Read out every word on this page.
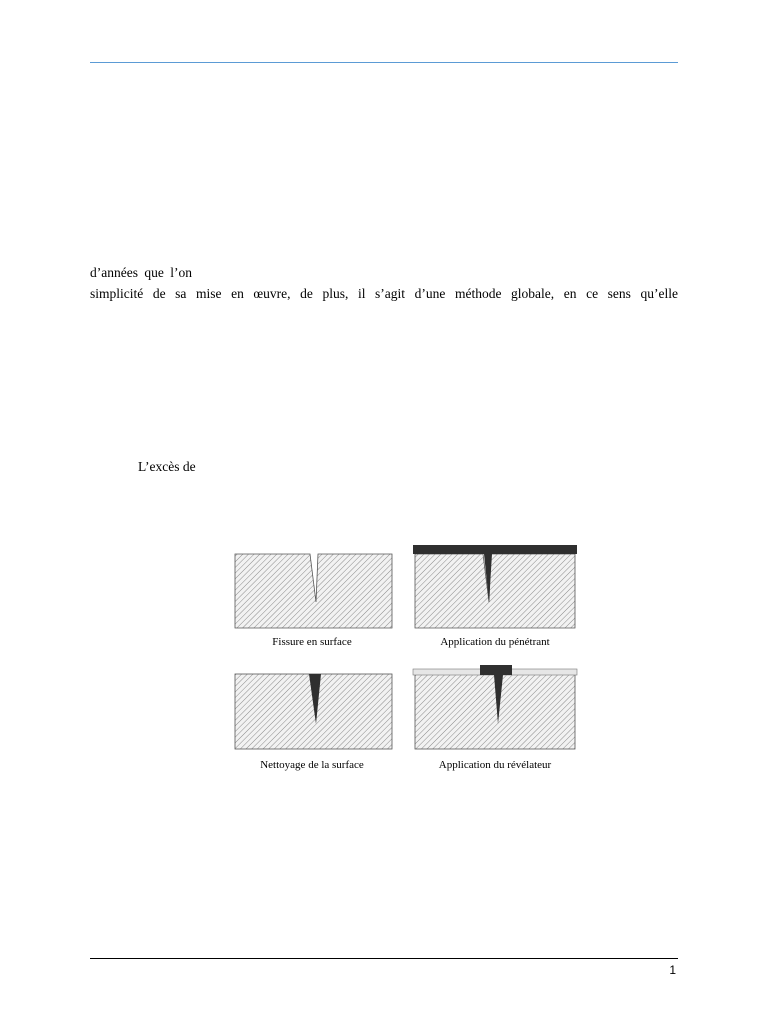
d’années que l’on
simplicité de sa mise en œuvre, de plus, il s’agit d’une méthode globale, en ce sens qu’elle
L’excès de
Fissure en surface	Application du pénétrant
Nettoyage de la surface	Application du révélateur
1
